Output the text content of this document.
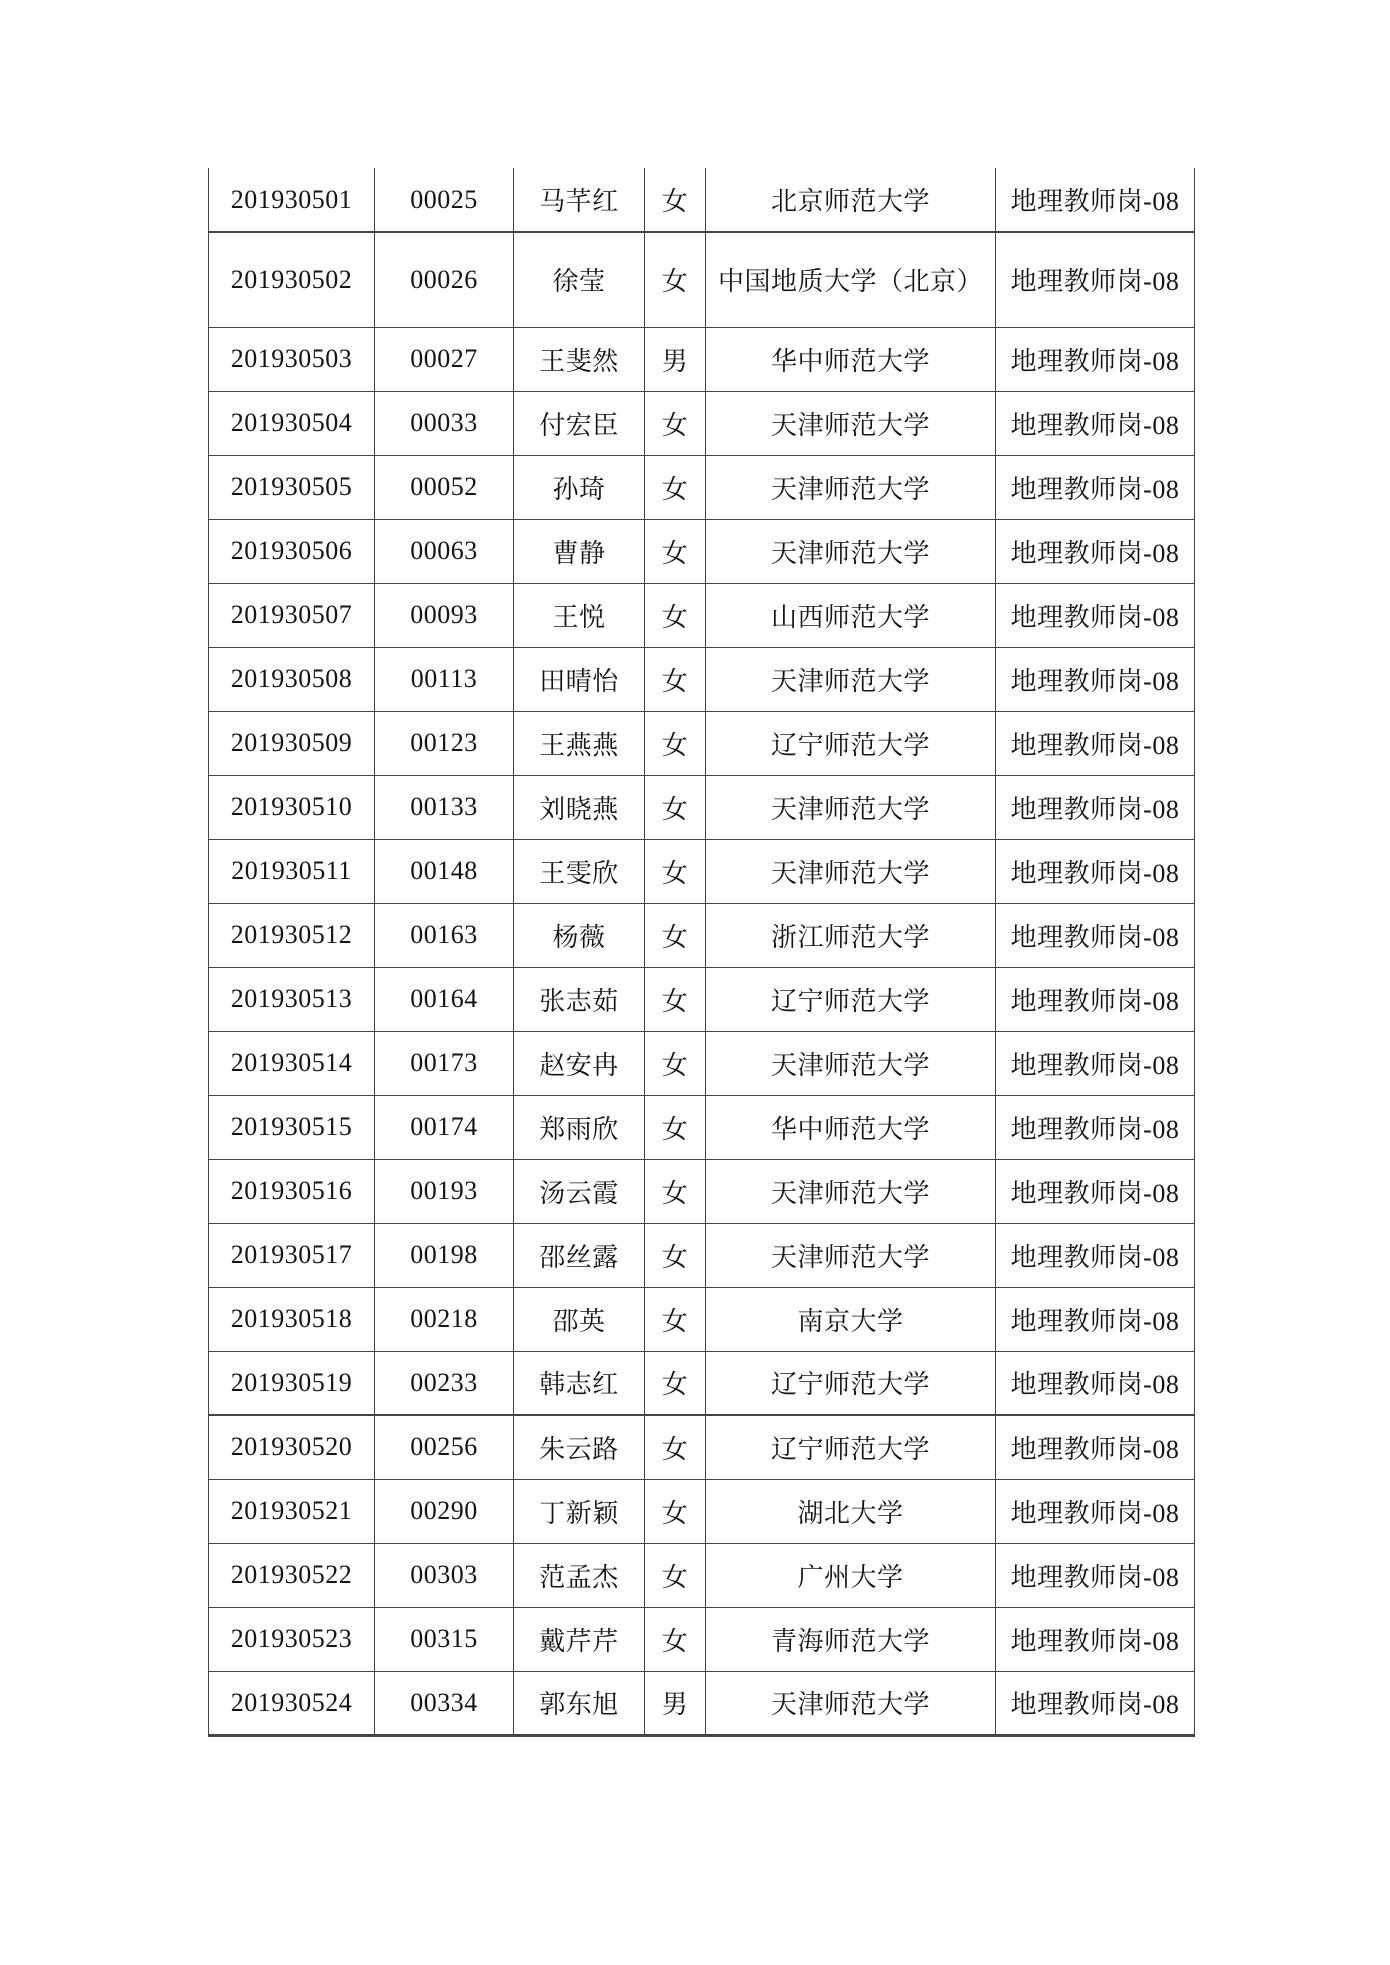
201930501	00025	马芊红	女	北京师范大学	地理教师岗-08
201930502	00026	徐莹	女	中国地质大学（北京）	地理教师岗-08
201930503	00027	王斐然	男	华中师范大学	地理教师岗-08
201930504	00033	付宏臣	女	天津师范大学	地理教师岗-08
201930505	00052	孙琦	女	天津师范大学	地理教师岗-08
201930506	00063	曹静	女	天津师范大学	地理教师岗-08
201930507	00093	王悦	女	山西师范大学	地理教师岗-08
201930508	00113	田晴怡	女	天津师范大学	地理教师岗-08
201930509	00123	王燕燕	女	辽宁师范大学	地理教师岗-08
201930510	00133	刘晓燕	女	天津师范大学	地理教师岗-08
201930511	00148	王雯欣	女	天津师范大学	地理教师岗-08
201930512	00163	杨薇	女	浙江师范大学	地理教师岗-08
201930513	00164	张志茹	女	辽宁师范大学	地理教师岗-08
201930514	00173	赵安冉	女	天津师范大学	地理教师岗-08
201930515	00174	郑雨欣	女	华中师范大学	地理教师岗-08
201930516	00193	汤云霞	女	天津师范大学	地理教师岗-08
201930517	00198	邵丝露	女	天津师范大学	地理教师岗-08
201930518	00218	邵英	女	南京大学	地理教师岗-08
201930519	00233	韩志红	女	辽宁师范大学	地理教师岗-08
201930520	00256	朱云路	女	辽宁师范大学	地理教师岗-08
201930521	00290	丁新颖	女	湖北大学	地理教师岗-08
201930522	00303	范孟杰	女	广州大学	地理教师岗-08
201930523	00315	戴芹芹	女	青海师范大学	地理教师岗-08
201930524	00334	郭东旭	男	天津师范大学	地理教师岗-08
